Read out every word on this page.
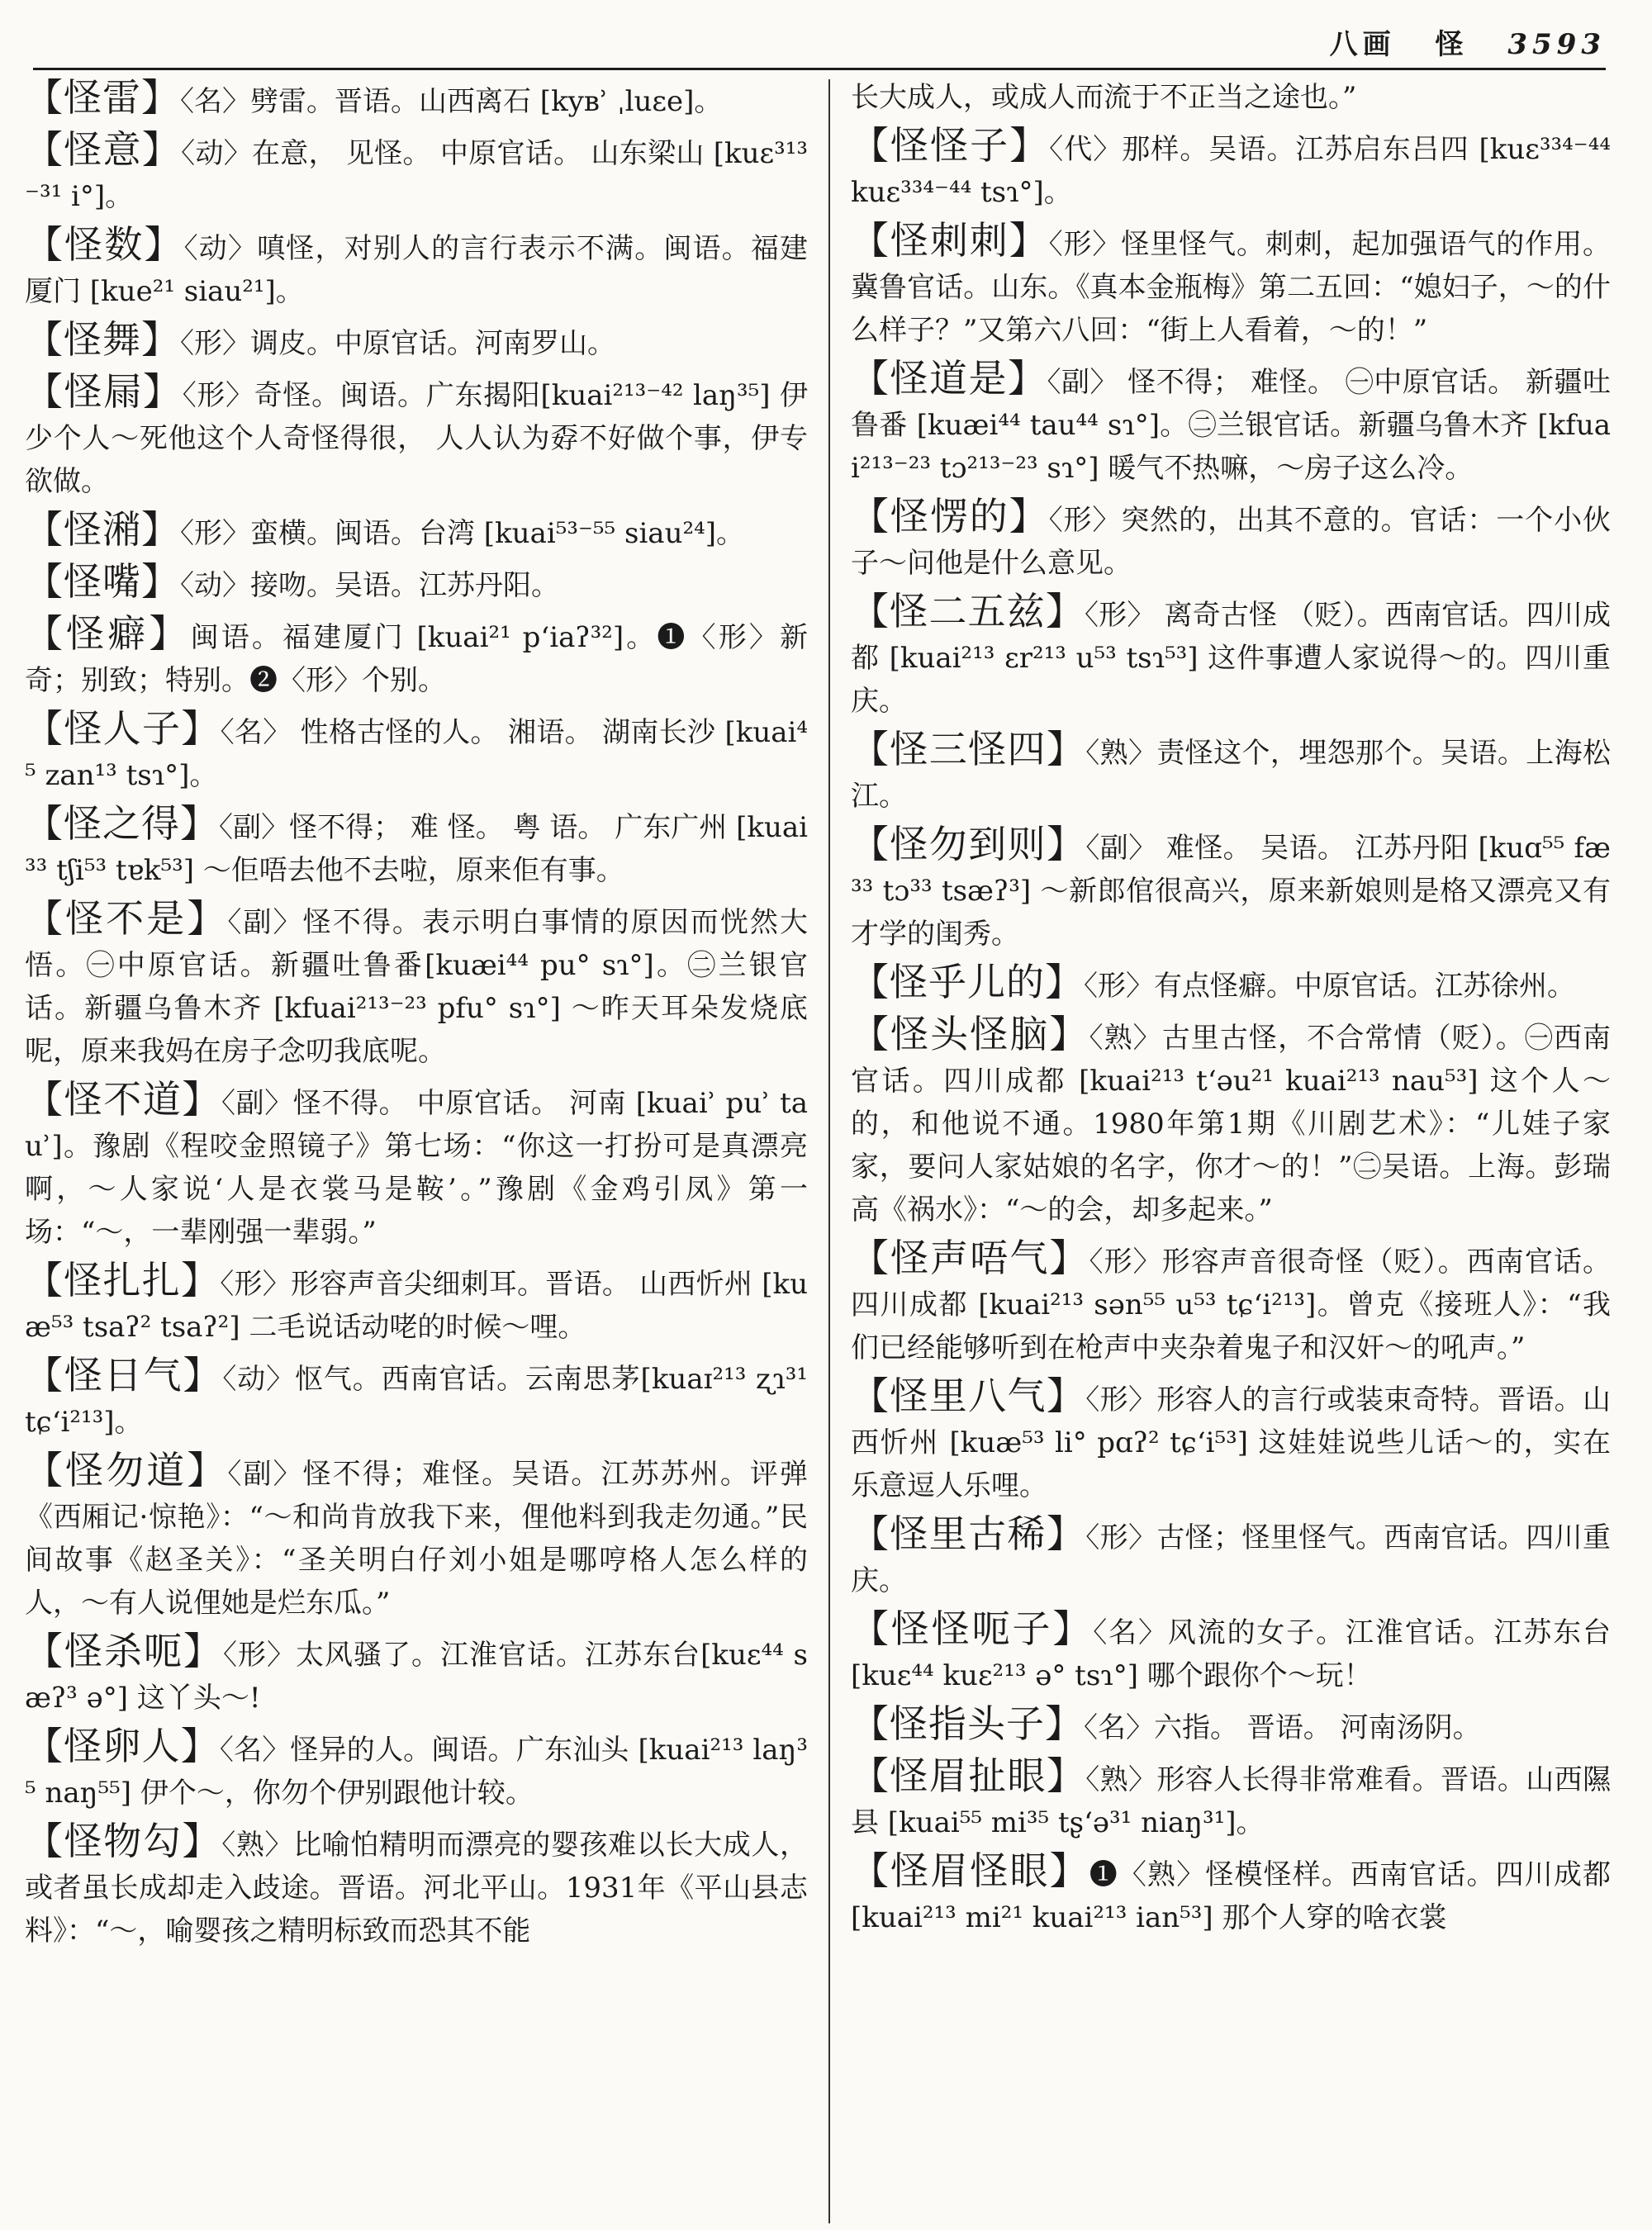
八画 怪 3593

【怪雷】〈名〉劈雷。晋语。山西离石 [kyʙʾ ˌluɛe]。

【怪意】〈动〉在意， 见怪。 中原官话。 山东梁山 [kuɛ³¹³⁻³¹ i°]。

【怪数】〈动〉嗔怪，对别人的言行表示不满。闽语。福建厦门 [kue²¹ siau²¹]。

【怪舞】〈形〉调皮。中原官话。河南罗山。

【怪屚】〈形〉奇怪。闽语。广东揭阳[kuai²¹³⁻⁴² laŋ³⁵] 伊少个人～死他这个人奇怪得很， 人人认为孬不好做个事，伊专欲做。

【怪潲】〈形〉蛮横。闽语。台湾 [kuai⁵³⁻⁵⁵ siau²⁴]。

【怪嘴】〈动〉接吻。吴语。江苏丹阳。

【怪癖】闽语。福建厦门 [kuai²¹ pʻiaʔ³²]。❶〈形〉新奇；别致；特别。❷〈形〉个别。

【怪人子】〈名〉 性格古怪的人。 湘语。 湖南长沙 [kuai⁴⁵ zan¹³ tsɿ°]。

【怪之得】〈副〉怪不得； 难 怪。 粤 语。 广东广州 [kuai³³ tʃi⁵³ tɐk⁵³] ～佢唔去他不去啦，原来佢有事。

【怪不是】〈副〉怪不得。表示明白事情的原因而恍然大悟。㊀中原官话。新疆吐鲁番[kuæi⁴⁴ pu° sɿ°]。㊁兰银官话。新疆乌鲁木齐 [kfuai²¹³⁻²³ pfu° sɿ°] ～昨天耳朵发烧底呢，原来我妈在房子念叨我底呢。

【怪不道】〈副〉怪不得。 中原官话。 河南 [kuaiʾ puʾ tauʾ]。豫剧《程咬金照镜子》第七场：“你这一打扮可是真漂亮啊，～人家说‘人是衣裳马是鞍’。”豫剧《金鸡引凤》第一场：“～，一辈刚强一辈弱。”

【怪扎扎】〈形〉形容声音尖细刺耳。晋语。 山西忻州 [kuæ⁵³ tsaʔ² tsaʔ²] 二毛说话动咾的时候～哩。

【怪日气】〈动〉怄气。西南官话。云南思茅[kuaɪ²¹³ ʐɿ³¹ tɕʻi²¹³]。

【怪勿道】〈副〉怪不得；难怪。吴语。江苏苏州。评弹《西厢记·惊艳》：“～和尚肯放我下来，俚他料到我走勿通。”民间故事《赵圣关》：“圣关明白仔刘小姐是哪哼格人怎么样的人，～有人说俚她是烂东瓜。”

【怪杀呃】〈形〉太风骚了。江淮官话。江苏东台[kuɛ⁴⁴ sæʔ³ ə°] 这丫头～!

【怪卵人】〈名〉怪异的人。闽语。广东汕头 [kuai²¹³ laŋ³⁵ naŋ⁵⁵] 伊个～，你勿个伊别跟他计较。

【怪物勾】〈熟〉比喻怕精明而漂亮的婴孩难以长大成人，或者虽长成却走入歧途。晋语。河北平山。1931年《平山县志料》：“～，喻婴孩之精明标致而恐其不能

长大成人，或成人而流于不正当之途也。”

【怪怪子】〈代〉那样。吴语。江苏启东吕四 [kuɛ³³⁴⁻⁴⁴ kuɛ³³⁴⁻⁴⁴ tsɿ°]。

【怪刺刺】〈形〉怪里怪气。刺刺，起加强语气的作用。冀鲁官话。山东。《真本金瓶梅》第二五回：“媳妇子，～的什么样子？”又第六八回：“街上人看着，～的！”

【怪道是】〈副〉 怪不得； 难怪。 ㊀中原官话。 新疆吐鲁番 [kuæi⁴⁴ tau⁴⁴ sɿ°]。㊁兰银官话。新疆乌鲁木齐 [kfuai²¹³⁻²³ tɔ²¹³⁻²³ sɿ°] 暖气不热嘛，～房子这么冷。

【怪愣的】〈形〉突然的，出其不意的。官话：一个小伙子～问他是什么意见。

【怪二五兹】〈形〉 离奇古怪 （贬）。西南官话。四川成都 [kuai²¹³ ɛr²¹³ u⁵³ tsɿ⁵³] 这件事遭人家说得～的。四川重庆。

【怪三怪四】〈熟〉责怪这个，埋怨那个。吴语。上海松江。

【怪勿到则】〈副〉 难怪。 吴语。 江苏丹阳 [kuɑ⁵⁵ fæ³³ tɔ³³ tsæʔ³] ～新郎倌很高兴，原来新娘则是格又漂亮又有才学的闺秀。

【怪乎儿的】〈形〉有点怪癖。中原官话。江苏徐州。

【怪头怪脑】〈熟〉古里古怪，不合常情（贬）。㊀西南官话。四川成都 [kuai²¹³ tʻəu²¹ kuai²¹³ nau⁵³] 这个人～的，和他说不通。1980年第1期《川剧艺术》：“儿娃子家家，要问人家姑娘的名字，你才～的！”㊁吴语。上海。彭瑞高《祸水》：“～的会，却多起来。”

【怪声唔气】〈形〉形容声音很奇怪（贬）。西南官话。四川成都 [kuai²¹³ sən⁵⁵ u⁵³ tɕʻi²¹³]。曾克《接班人》：“我们已经能够听到在枪声中夹杂着鬼子和汉奸～的吼声。”

【怪里八气】〈形〉形容人的言行或装束奇特。晋语。山西忻州 [kuæ⁵³ li° pɑʔ² tɕʻi⁵³] 这娃娃说些儿话～的，实在乐意逗人乐哩。

【怪里古稀】〈形〉古怪；怪里怪气。西南官话。四川重庆。

【怪怪呃子】〈名〉风流的女子。江淮官话。江苏东台 [kuɛ⁴⁴ kuɛ²¹³ ə° tsɿ°] 哪个跟你个～玩！

【怪指头子】〈名〉六指。 晋语。 河南汤阴。

【怪眉扯眼】〈熟〉形容人长得非常难看。晋语。山西隰县 [kuai⁵⁵ mi³⁵ tʂʻə³¹ niaŋ³¹]。

【怪眉怪眼】❶〈熟〉怪模怪样。西南官话。四川成都 [kuai²¹³ mi²¹ kuai²¹³ ian⁵³] 那个人穿的啥衣裳
